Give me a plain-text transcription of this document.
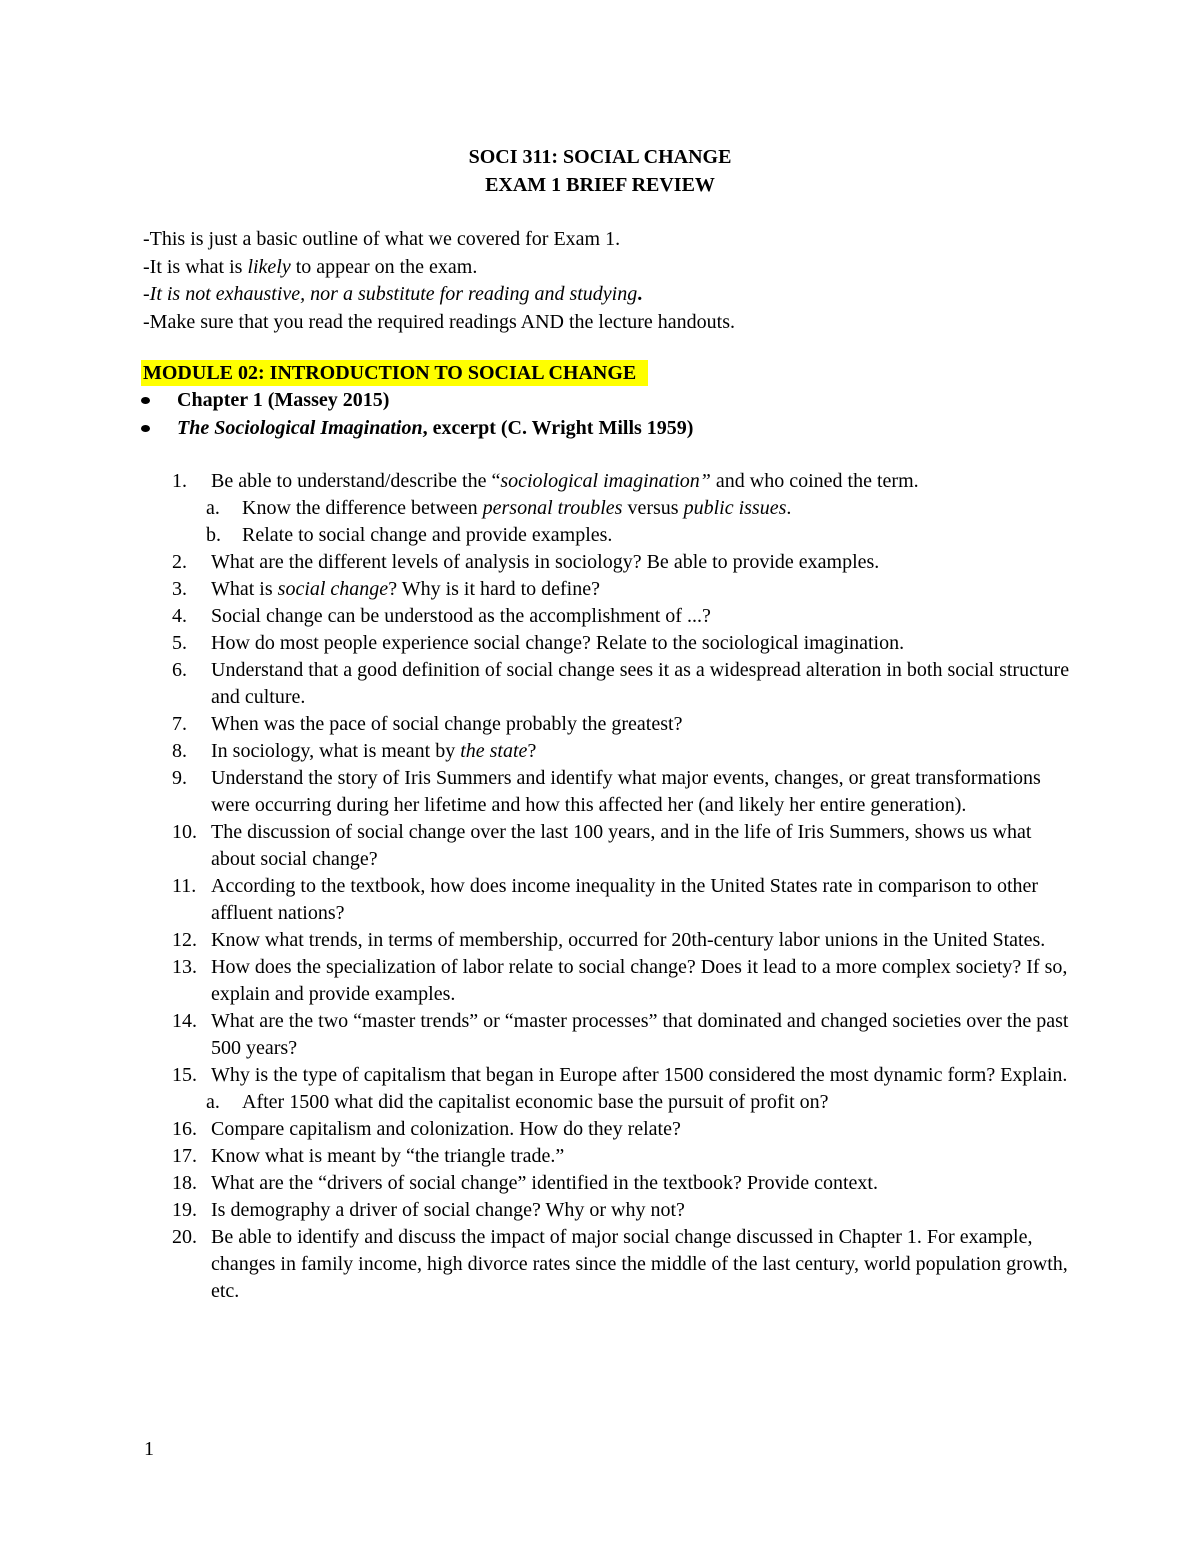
SOCI 311: SOCIAL CHANGE
EXAM 1 BRIEF REVIEW
-This is just a basic outline of what we covered for Exam 1.
-It is what is likely to appear on the exam.
-It is not exhaustive, nor a substitute for reading and studying.
-Make sure that you read the required readings AND the lecture handouts.
MODULE 02: INTRODUCTION TO SOCIAL CHANGE
Chapter 1 (Massey 2015)
The Sociological Imagination, excerpt (C. Wright Mills 1959)
1.	Be able to understand/describe the “sociological imagination” and who coined the term.
a. Know the difference between personal troubles versus public issues.
b. Relate to social change and provide examples.
2.	What are the different levels of analysis in sociology? Be able to provide examples.
3.	What is social change? Why is it hard to define?
4.	Social change can be understood as the accomplishment of ...?
5.	How do most people experience social change? Relate to the sociological imagination.
6.	Understand that a good definition of social change sees it as a widespread alteration in both social structure and culture.
7.	When was the pace of social change probably the greatest?
8.	In sociology, what is meant by the state?
9.	Understand the story of Iris Summers and identify what major events, changes, or great transformations were occurring during her lifetime and how this affected her (and likely her entire generation).
10. The discussion of social change over the last 100 years, and in the life of Iris Summers, shows us what about social change?
11. According to the textbook, how does income inequality in the United States rate in comparison to other affluent nations?
12. Know what trends, in terms of membership, occurred for 20th-century labor unions in the United States.
13. How does the specialization of labor relate to social change? Does it lead to a more complex society? If so, explain and provide examples.
14. What are the two “master trends” or “master processes” that dominated and changed societies over the past 500 years?
15. Why is the type of capitalism that began in Europe after 1500 considered the most dynamic form? Explain.
a. After 1500 what did the capitalist economic base the pursuit of profit on?
16. Compare capitalism and colonization. How do they relate?
17. Know what is meant by “the triangle trade.”
18. What are the “drivers of social change” identified in the textbook? Provide context.
19. Is demography a driver of social change? Why or why not?
20. Be able to identify and discuss the impact of major social change discussed in Chapter 1. For example, changes in family income, high divorce rates since the middle of the last century, world population growth, etc.
1
